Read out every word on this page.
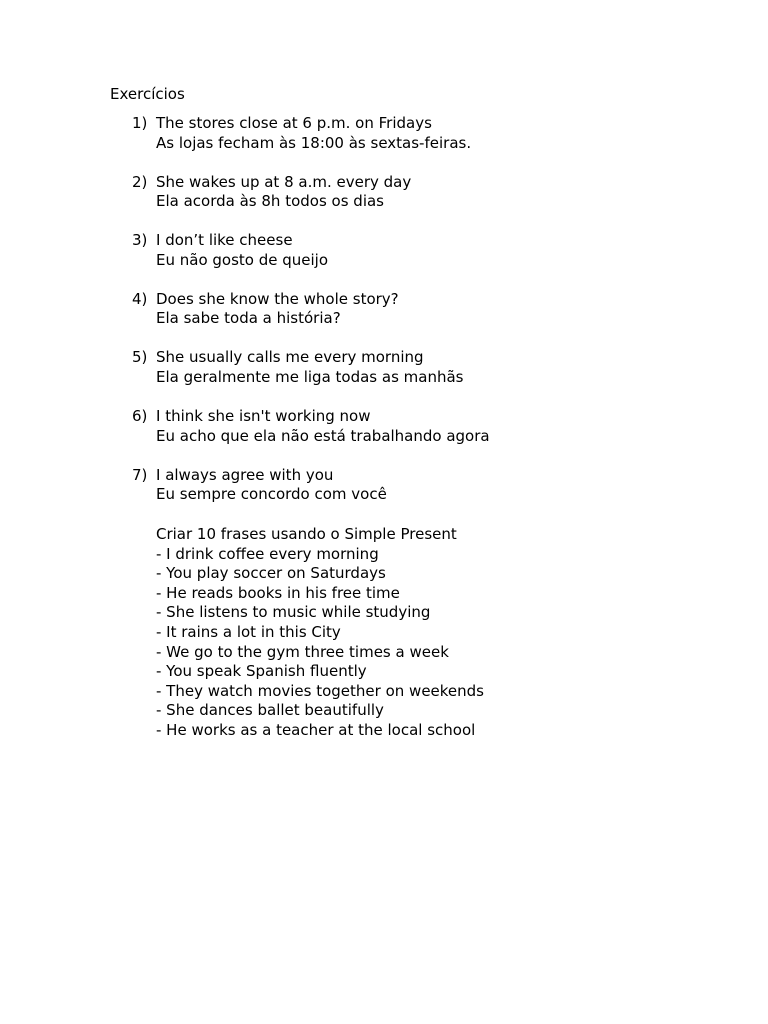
Exercícios
1) The stores close at 6 p.m. on Fridays
As lojas fecham às 18:00 às sextas-feiras.
2) She wakes up at 8 a.m. every day
Ela acorda às 8h todos os dias
3) I don’t like cheese
Eu não gosto de queijo
4) Does she know the whole story?
Ela sabe toda a história?
5) She usually calls me every morning
Ela geralmente me liga todas as manhãs
6) I think she isn't working now
Eu acho que ela não está trabalhando agora
7) I always agree with you
Eu sempre concordo com você
Criar 10 frases usando o Simple Present
- I drink coffee every morning
- You play soccer on Saturdays
- He reads books in his free time
- She listens to music while studying
- It rains a lot in this City
- We go to the gym three times a week
- You speak Spanish fluently
- They watch movies together on weekends
- She dances ballet beautifully
- He works as a teacher at the local school
